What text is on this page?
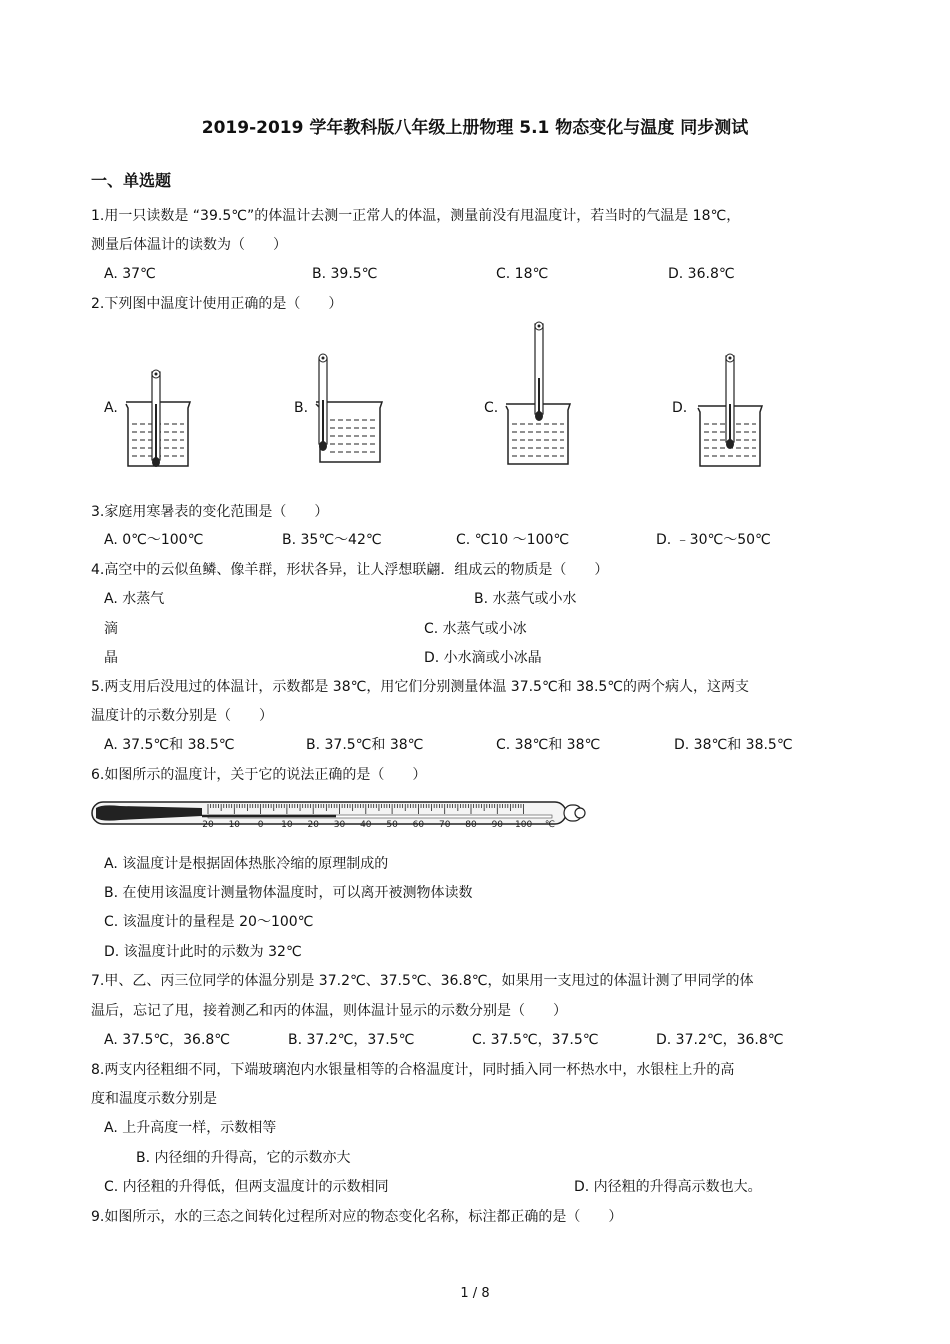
2019-2019 学年教科版八年级上册物理 5.1 物态变化与温度 同步测试
一、单选题
1.用一只读数是 “39.5℃”的体温计去测一正常人的体温，测量前没有甩温度计，若当时的气温是 18℃，
测量后体温计的读数为（　　）
A. 37℃	B. 39.5℃	C. 18℃	D. 36.8℃
2.下列图中温度计使用正确的是（　　）
A.	B.	C.	D.
3.家庭用寒暑表的变化范围是（　　）
A. 0℃～100℃	B. 35℃～42℃	C. ℃10￼ ～100℃	D. ﹣30℃～50℃
4.高空中的云似鱼鳞、像羊群，形状各异，让人浮想联翩．组成云的物质是（　　）
A. 水蒸气	B. 水蒸气或小水
滴	C. 水蒸气或小冰
晶	D. 小水滴或小冰晶
5.两支用后没甩过的体温计，示数都是 38℃，用它们分别测量体温 37.5℃和 38.5℃的两个病人，这两支
温度计的示数分别是（　　）
A. 37.5℃和 38.5℃	B. 37.5℃和 38℃	C. 38℃和 38℃	D. 38℃和 38.5℃
6.如图所示的温度计，关于它的说法正确的是（　　）
20 10 0 10 20 30 40 50 60 70 80 90 100 ℃
A. 该温度计是根据固体热胀冷缩的原理制成的
B. 在使用该温度计测量物体温度时，可以离开被测物体读数
C. 该温度计的量程是 20～100℃
D. 该温度计此时的示数为 32℃
7.甲、乙、丙三位同学的体温分别是 37.2℃、37.5℃、36.8℃，如果用一支甩过的体温计测了甲同学的体
温后，忘记了甩，接着测乙和丙的体温，则体温计显示的示数分别是（　　）
A. 37.5℃，36.8℃	B. 37.2℃，37.5℃	C. 37.5℃，37.5℃	D. 37.2℃，36.8℃
8.两支内径粗细不同，下端玻璃泡内水银量相等的合格温度计，同时插入同一杯热水中，水银柱上升的高
度和温度示数分别是
A. 上升高度一样，示数相等
B. 内径细的升得高，它的示数亦大
C. 内径粗的升得低，但两支温度计的示数相同	D. 内径粗的升得高示数也大。
9.如图所示，水的三态之间转化过程所对应的物态变化名称，标注都正确的是（　　）
1 / 8
